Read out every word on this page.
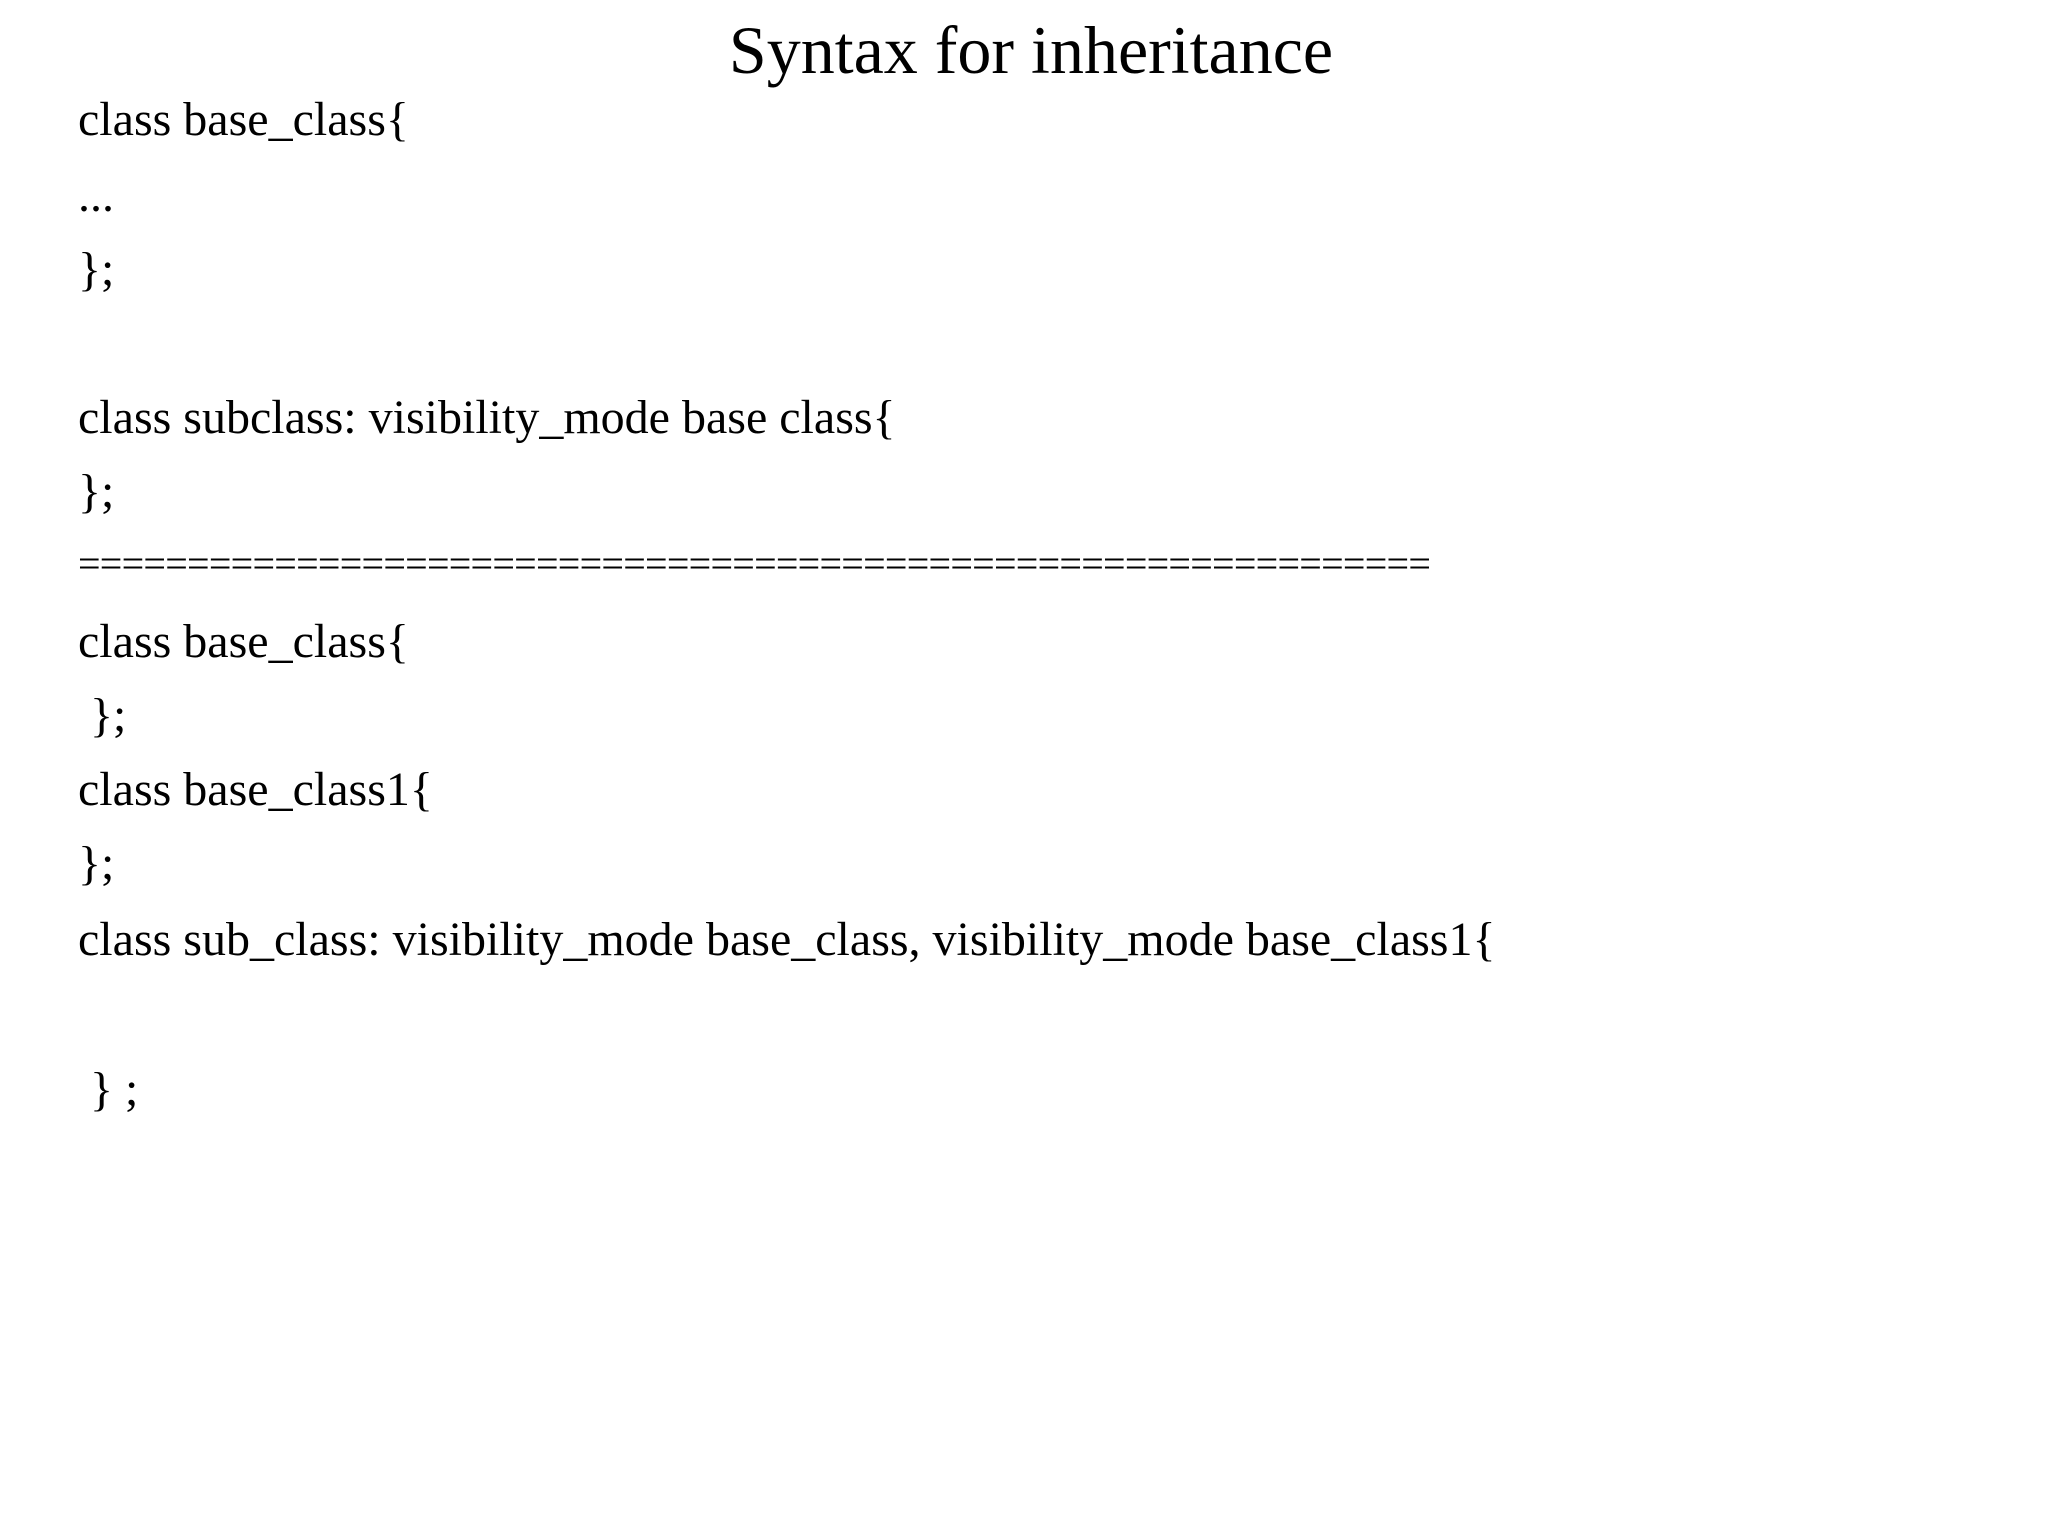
Syntax for inheritance
class base_class{
...
};
class subclass: visibility_mode base class{
};
==============================================================
class base_class{
};
class base_class1{
};
class sub_class: visibility_mode base_class, visibility_mode base_class1{
} ;
